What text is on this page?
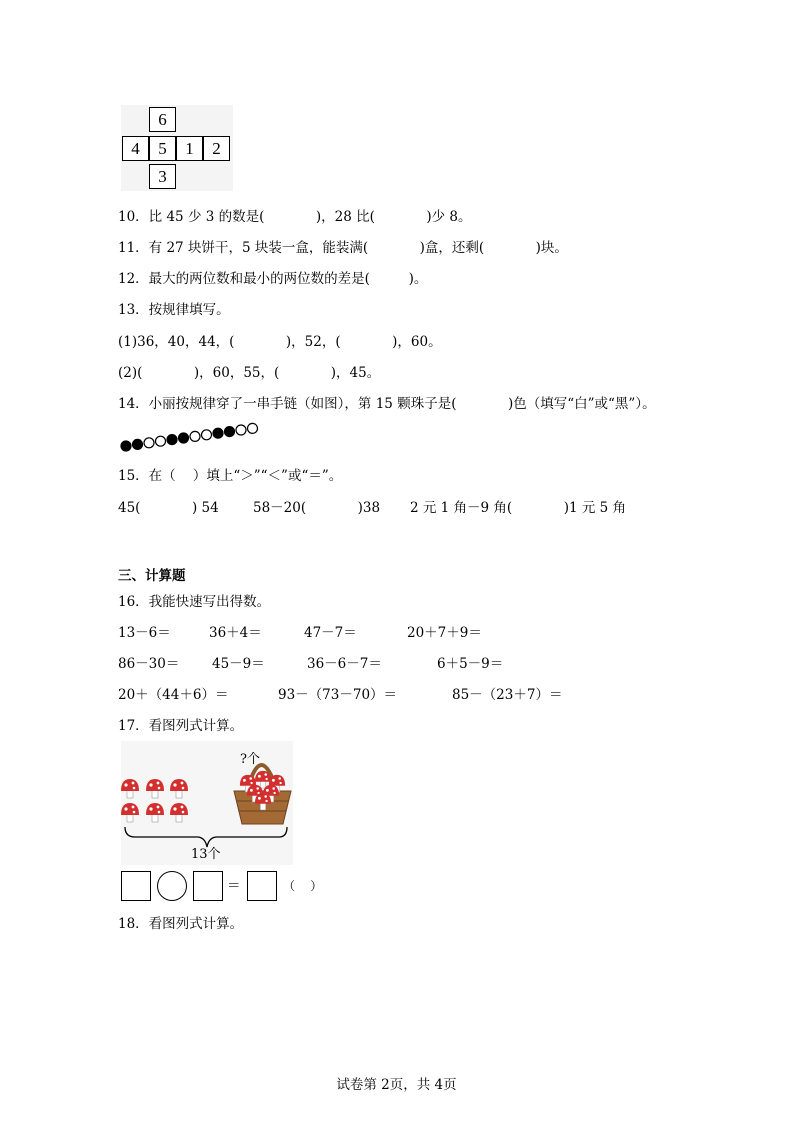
6
4	5	1	2
3
10．比 45 少 3 的数是(            )，28 比(            )少 8。
11．有 27 块饼干，5 块装一盒，能装满(            )盒，还剩(            )块。
12．最大的两位数和最小的两位数的差是(         )。
13．按规律填写。
(1)36，40，44，(            )，52，(            )，60。
(2)(            )，60，55，(            )，45。
14．小丽按规律穿了一串手链（如图），第 15 颗珠子是(            )色（填写“白”或“黑”）。
15．在（    ）填上“＞”“＜”或“＝”。
45(            ) 54	58－20(            )38 2 元 1 角－9 角(            )1 元 5 角
三、计算题
16．我能快速写出得数。
13－6＝	36＋4＝	47－7＝	20＋7＋9＝
86－30＝ 45－9＝	36－6－7＝	6＋5－9＝
20＋（44＋6）＝	93－（73－70）＝	85－（23＋7）＝
17．看图列式计算。
?个
13个
＝	（    ）
18．看图列式计算。
试卷第 2页，共 4页
